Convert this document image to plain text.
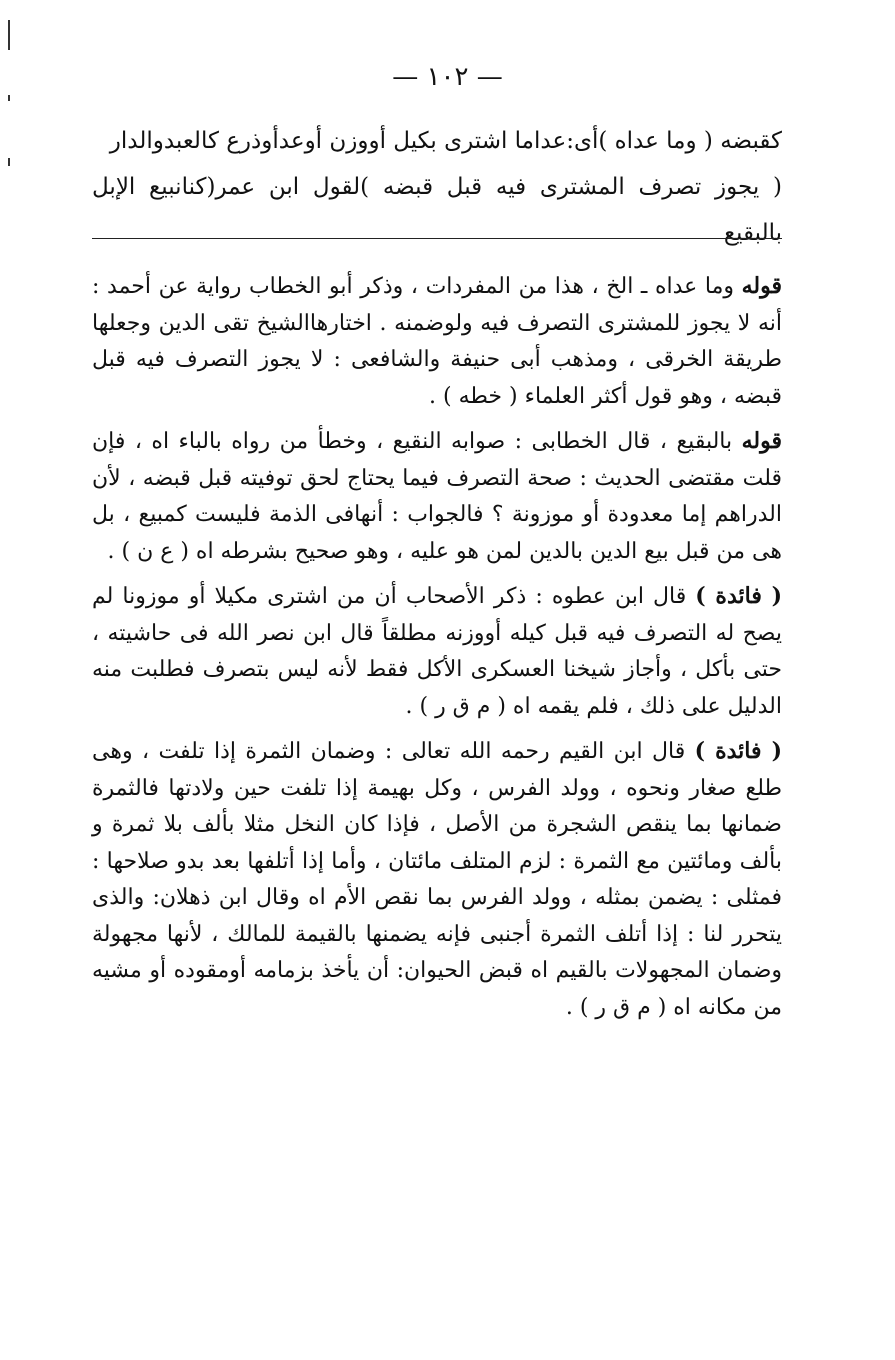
— ١٠٢ —

كقبضه ( وما عداه )أى:عداما اشترى بكيل أووزن أوعدأوذرع كالعبدوالدار

( يجوز تصرف المشترى فيه قبل قبضه )لقول ابن عمر(كنانبيع الإبل بالبقيع

قوله وما عداه ـ الخ ، هذا من المفردات ، وذكر أبو الخطاب رواية عن أحمد : أنه لا يجوز للمشترى التصرف فيه ولوضمنه . اختارهاالشيخ تقى الدين وجعلها طريقة الخرقى ، ومذهب أبى حنيفة والشافعى : لا يجوز التصرف فيه قبل قبضه ، وهو قول أكثر العلماء ( خطه ) .

قوله بالبقيع ، قال الخطابى : صوابه النقيع ، وخطأ من رواه بالباء اه ، فإن قلت مقتضى الحديث : صحة التصرف فيما يحتاج لحق توفيته قبل قبضه ، لأن الدراهم إما معدودة أو موزونة ؟ فالجواب : أنهافى الذمة فليست كمبيع ، بل هى من قبل بيع الدين بالدين لمن هو عليه ، وهو صحيح بشرطه اه ( ع ن ) .

( فائدة ) قال ابن عطوه : ذكر الأصحاب أن من اشترى مكيلا أو موزونا لم يصح له التصرف فيه قبل كيله أووزنه مطلقاً قال ابن نصر الله فى حاشيته ، حتى بأكل ، وأجاز شيخنا العسكرى الأكل فقط لأنه ليس بتصرف فطلبت منه الدليل على ذلك ، فلم يقمه اه ( م ق ر ) .

( فائدة ) قال ابن القيم رحمه الله تعالى : وضمان الثمرة إذا تلفت ، وهى طلع صغار ونحوه ، وولد الفرس ، وكل بهيمة إذا تلفت حين ولادتها فالثمرة ضمانها بما ينقص الشجرة من الأصل ، فإذا كان النخل مثلا بألف بلا ثمرة و بألف ومائتين مع الثمرة : لزم المتلف مائتان ، وأما إذا أتلفها بعد بدو صلاحها : فمثلى : يضمن بمثله ، وولد الفرس بما نقص الأم اه وقال ابن ذهلان: والذى يتحرر لنا : إذا أتلف الثمرة أجنبى فإنه يضمنها بالقيمة للمالك ، لأنها مجهولة وضمان المجهولات بالقيم اه قبض الحيوان: أن يأخذ بزمامه أومقوده أو مشيه من مكانه اه ( م ق ر ) .
